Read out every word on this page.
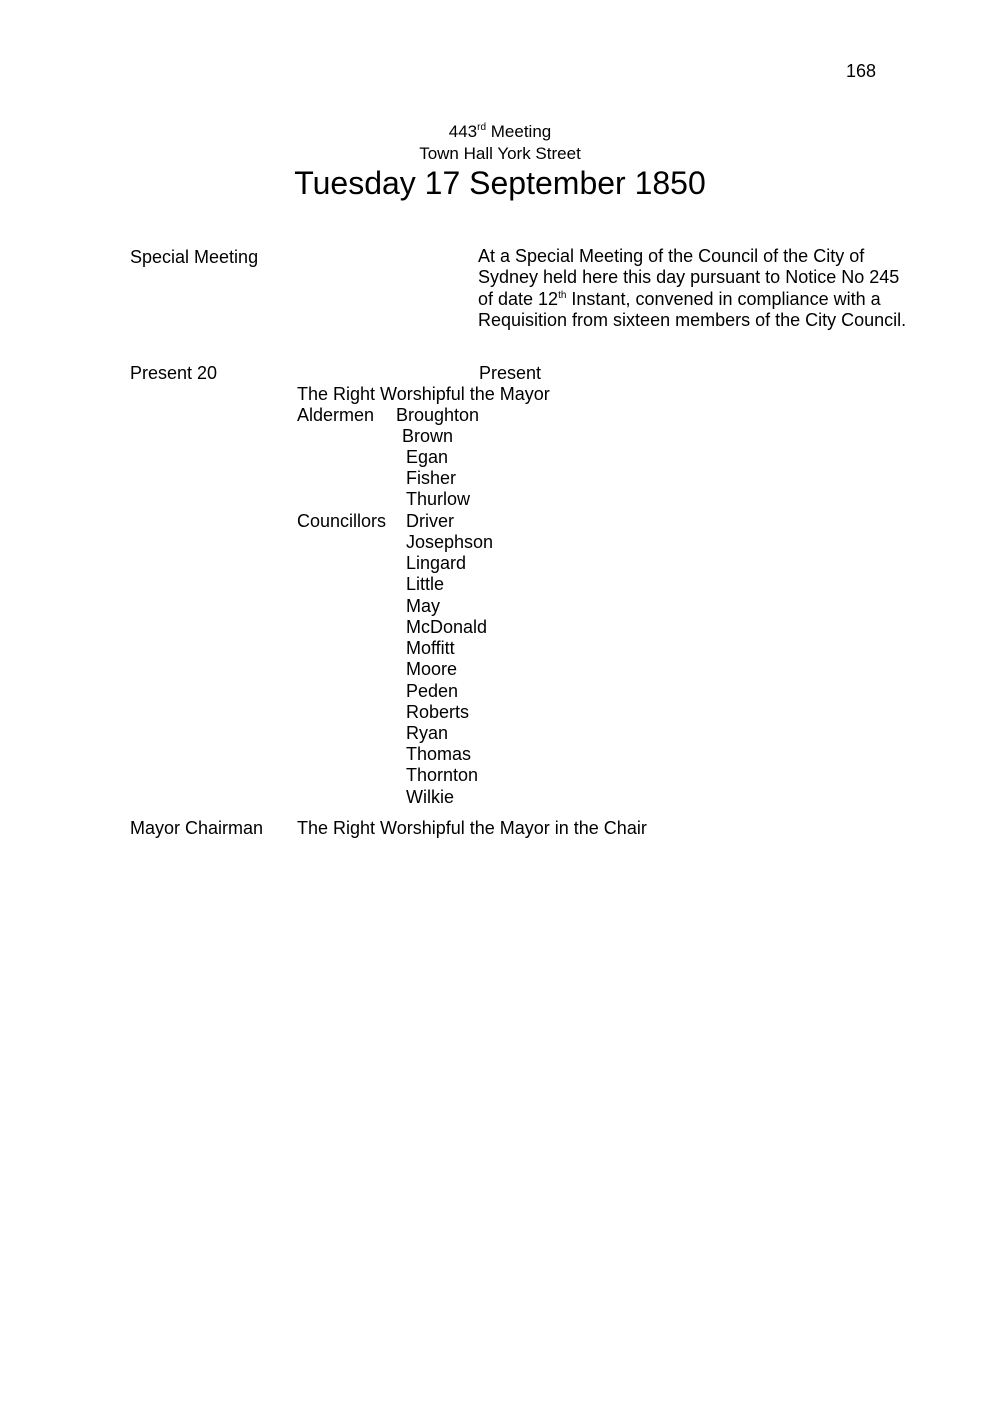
168
443rd Meeting
Town Hall York Street
Tuesday 17 September 1850
Special Meeting	At a Special Meeting of the Council of the City of Sydney held here this day pursuant to Notice No 245 of date 12th Instant, convened in compliance with a Requisition from sixteen members of the City Council.
Present 20	Present
The Right Worshipful the Mayor
Aldermen Broughton
Brown
Egan
Fisher
Thurlow
Councillors Driver
Josephson
Lingard
Little
May
McDonald
Moffitt
Moore
Peden
Roberts
Ryan
Thomas
Thornton
Wilkie
Mayor Chairman The Right Worshipful the Mayor in the Chair
